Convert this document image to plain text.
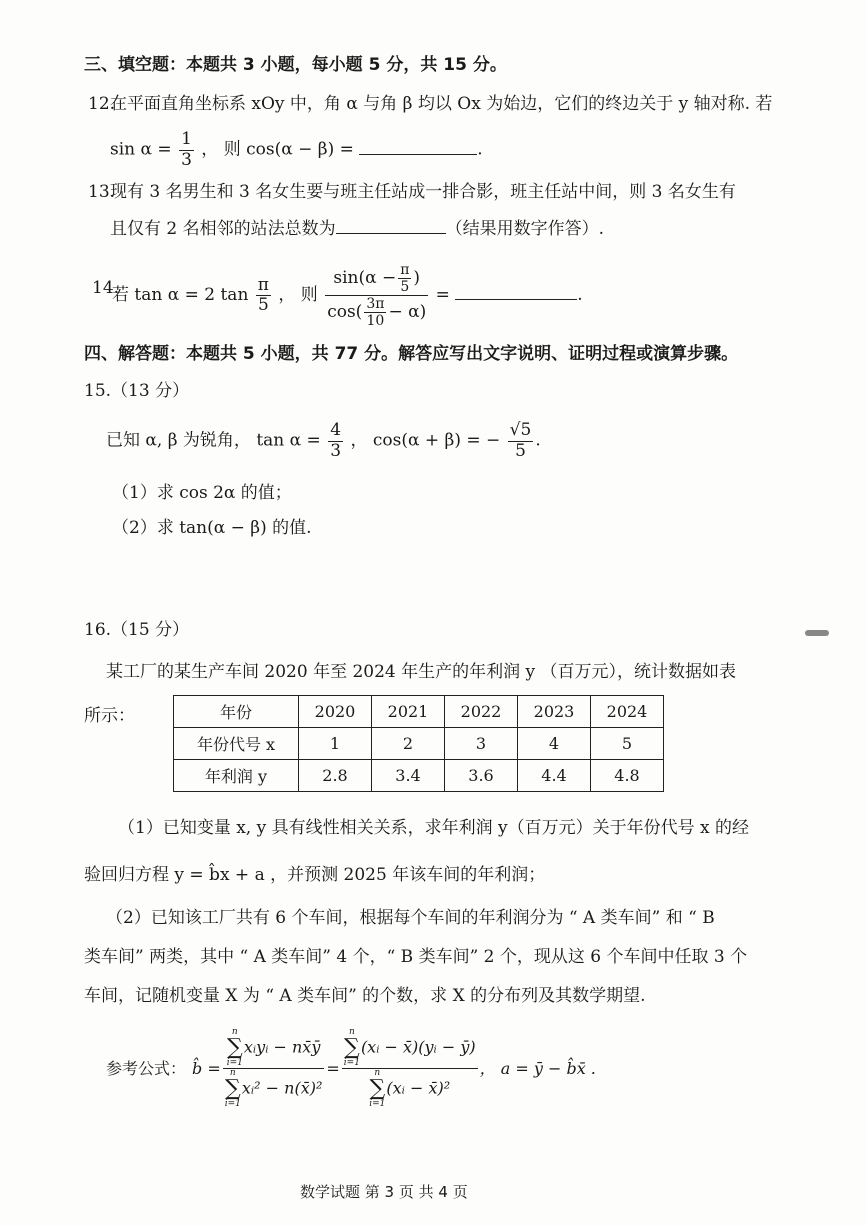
三、填空题：本题共 3 小题，每小题 5 分，共 15 分。
12.
在平面直角坐标系 xOy 中，角 α 与角 β 均以 Ox 为始边，它们的终边关于 y 轴对称. 若
$\sin \alpha = \frac{1}{3}$ ， 则 cos(α − β) =	.
13.
现有 3 名男生和 3 名女生要与班主任站成一排合影，班主任站中间，则 3 名女生有
且仅有 2 名相邻的站法总数为	（结果用数字作答）.
14.
若 tan α = 2 $\tan \frac{\pi}{5}$ ， 则 $\frac{\sin(\alpha - \frac{\pi}{5} )}{\cos( \frac{3\pi}{10} - \alpha)}$ =	.
四、解答题：本题共 5 小题，共 77 分。解答应写出文字说明、证明过程或演算步骤。
15.（13 分）
已知 α, β 为锐角， $\tan \alpha = \frac{4}{3}$ ， cos(α + β) = − $\frac{√5}{5}$ .
（1）求 cos 2α 的值；
（2）求 tan(α − β) 的值.
16.（15 分）
某工厂的某生产车间 2020 年至 2024 年生产的年利润 y （百万元），统计数据如表
所示：	年份	2020	2021	2022	2023	2024
年份代号 x	1	2	3	4	5
年利润 y	2.8	3.4	3.6	4.4	4.8
（1）已知变量 x, y 具有线性相关关系，求年利润 y（百万元）关于年份代号 x 的经
验回归方程 y = b̂x + a ，并预测 2025 年该车间的年利润；
（2）已知该工厂共有 6 个车间，根据每个车间的年利润分为 “ A 类车间” 和 “ B
类车间” 两类，其中 “ A 类车间” 4 个，“ B 类车间” 2 个，现从这 6 个车间中任取 3 个
车间，记随机变量 X 为 “ A 类车间” 的个数，求 X 的分布列及其数学期望.
参考公式： b̂ = n
∑
i=1
xᵢyᵢ − nx̄ȳ
n
∑
i=1
xᵢ² − n(x̄)² = n
∑
i=1
(xᵢ − x̄)(yᵢ − ȳ)
n
∑
i=1
(xᵢ − x̄)² ， a = ȳ − b̂x̄ .
数学试题 第 3 页 共 4 页
